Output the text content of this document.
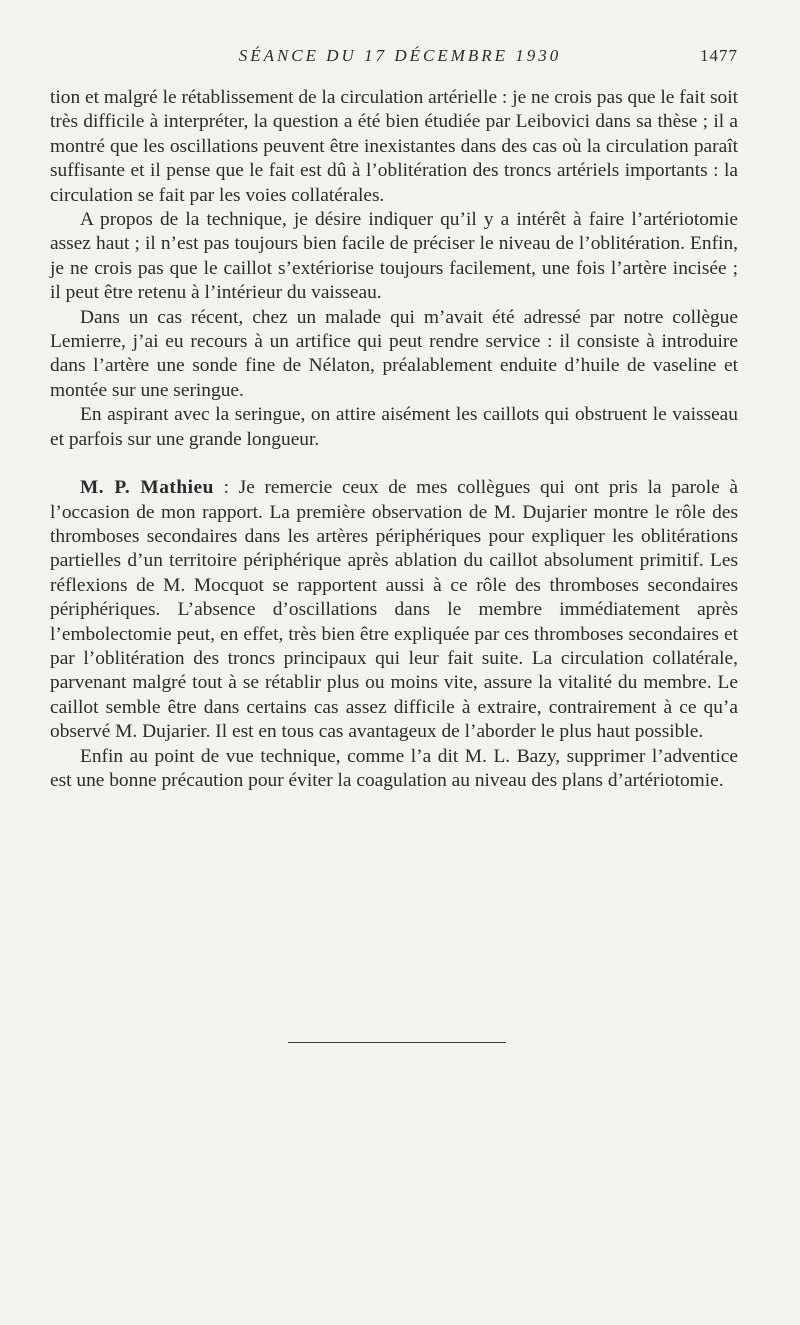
SÉANCE DU 17 DÉCEMBRE 1930	1477

tion et malgré le rétablissement de la circulation artérielle : je ne crois pas que le fait soit très difficile à interpréter, la question a été bien étudiée par Leibovici dans sa thèse ; il a montré que les oscillations peuvent être inexistantes dans des cas où la circulation paraît suffisante et il pense que le fait est dû à l’oblitération des troncs artériels importants : la circulation se fait par les voies collatérales.

A propos de la technique, je désire indiquer qu’il y a intérêt à faire l’artériotomie assez haut ; il n’est pas toujours bien facile de préciser le niveau de l’oblitération. Enfin, je ne crois pas que le caillot s’extériorise toujours facilement, une fois l’artère incisée ; il peut être retenu à l’intérieur du vaisseau.

Dans un cas récent, chez un malade qui m’avait été adressé par notre collègue Lemierre, j’ai eu recours à un artifice qui peut rendre service : il consiste à introduire dans l’artère une sonde fine de Nélaton, préalablement enduite d’huile de vaseline et montée sur une seringue.

En aspirant avec la seringue, on attire aisément les caillots qui obstruent le vaisseau et parfois sur une grande longueur.

M. P. Mathieu : Je remercie ceux de mes collègues qui ont pris la parole à l’occasion de mon rapport. La première observation de M. Dujarier montre le rôle des thromboses secondaires dans les artères périphériques pour expliquer les oblitérations partielles d’un territoire périphérique après ablation du caillot absolument primitif. Les réflexions de M. Mocquot se rapportent aussi à ce rôle des thromboses secondaires périphériques. L’absence d’oscillations dans le membre immédiatement après l’embolectomie peut, en effet, très bien être expliquée par ces thromboses secondaires et par l’oblitération des troncs principaux qui leur fait suite. La circulation collatérale, parvenant malgré tout à se rétablir plus ou moins vite, assure la vitalité du membre. Le caillot semble être dans certains cas assez difficile à extraire, contrairement à ce qu’a observé M. Dujarier. Il est en tous cas avantageux de l’aborder le plus haut possible.

Enfin au point de vue technique, comme l’a dit M. L. Bazy, supprimer l’adventice est une bonne précaution pour éviter la coagulation au niveau des plans d’artériotomie.
